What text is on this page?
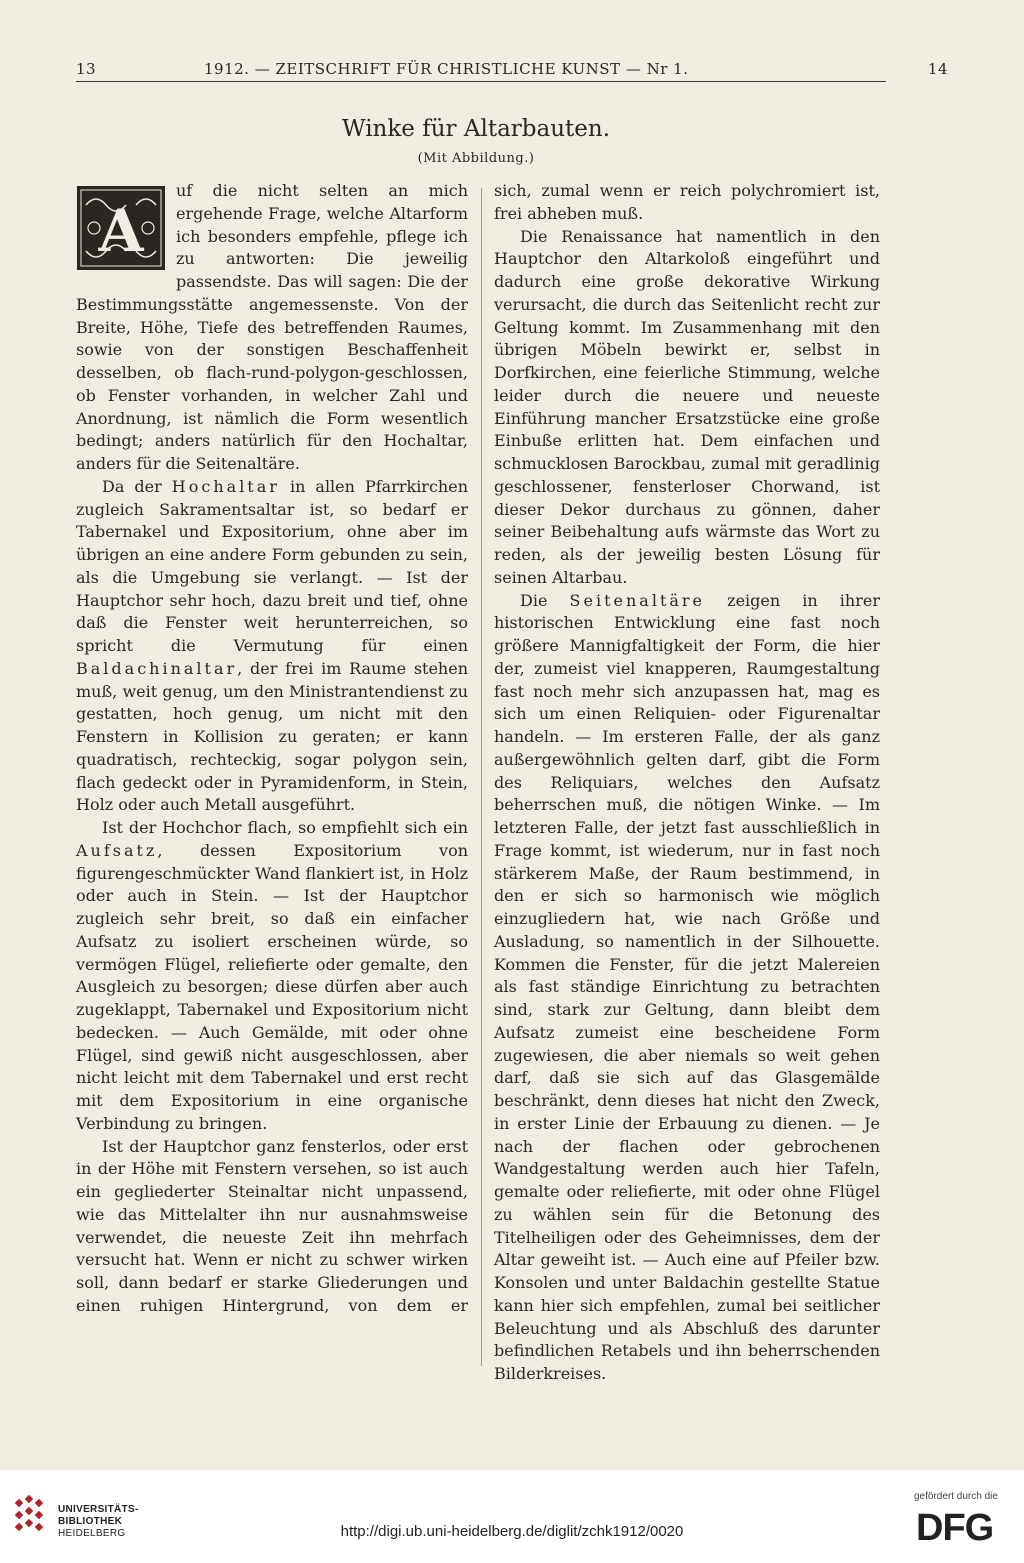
13	1912. — ZEITSCHRIFT FÜR CHRISTLICHE KUNST — Nr 1.	14
Winke für Altarbauten.
(Mit Abbildung.)

A
uf die nicht selten an mich ergehende Frage, welche Altarform ich besonders empfehle, pflege ich zu antworten: Die jeweilig passendste. Das will sagen: Die der Bestimmungsstätte angemessenste. Von der Breite, Höhe, Tiefe des betreffenden Raumes, sowie von der sonstigen Beschaffenheit desselben, ob flach-rund-polygon-geschlossen, ob Fenster vorhanden, in welcher Zahl und Anordnung, ist nämlich die Form wesentlich bedingt; anders natürlich für den Hochaltar, anders für die Seitenaltäre.

Da der Hochaltar in allen Pfarrkirchen zugleich Sakramentsaltar ist, so bedarf er Tabernakel und Expositorium, ohne aber im übrigen an eine andere Form gebunden zu sein, als die Umgebung sie verlangt. — Ist der Hauptchor sehr hoch, dazu breit und tief, ohne daß die Fenster weit herunterreichen, so spricht die Vermutung für einen Baldachinaltar, der frei im Raume stehen muß, weit genug, um den Ministrantendienst zu gestatten, hoch genug, um nicht mit den Fenstern in Kollision zu geraten; er kann quadratisch, rechteckig, sogar polygon sein, flach gedeckt oder in Pyramidenform, in Stein, Holz oder auch Metall ausgeführt.

Ist der Hochchor flach, so empfiehlt sich ein Aufsatz, dessen Expositorium von figurengeschmückter Wand flankiert ist, in Holz oder auch in Stein. — Ist der Hauptchor zugleich sehr breit, so daß ein einfacher Aufsatz zu isoliert erscheinen würde, so vermögen Flügel, reliefierte oder gemalte, den Ausgleich zu besorgen; diese dürfen aber auch zugeklappt, Tabernakel und Expositorium nicht bedecken. — Auch Gemälde, mit oder ohne Flügel, sind gewiß nicht ausgeschlossen, aber nicht leicht mit dem Tabernakel und erst recht mit dem Expositorium in eine organische Verbindung zu bringen.

Ist der Hauptchor ganz fensterlos, oder erst in der Höhe mit Fenstern versehen, so ist auch ein gegliederter Steinaltar nicht unpassend, wie das Mittelalter ihn nur ausnahmsweise verwendet, die neueste Zeit ihn mehrfach versucht hat. Wenn er nicht zu schwer wirken soll, dann bedarf er starke Gliederungen und einen ruhigen Hintergrund, von dem er

sich, zumal wenn er reich polychromiert ist, frei abheben muß.

Die Renaissance hat namentlich in den Hauptchor den Altarkoloß eingeführt und dadurch eine große dekorative Wirkung verursacht, die durch das Seitenlicht recht zur Geltung kommt. Im Zusammenhang mit den übrigen Möbeln bewirkt er, selbst in Dorfkirchen, eine feierliche Stimmung, welche leider durch die neuere und neueste Einführung mancher Ersatzstücke eine große Einbuße erlitten hat. Dem einfachen und schmucklosen Barockbau, zumal mit geradlinig geschlossener, fensterloser Chorwand, ist dieser Dekor durchaus zu gönnen, daher seiner Beibehaltung aufs wärmste das Wort zu reden, als der jeweilig besten Lösung für seinen Altarbau.

Die Seitenaltäre zeigen in ihrer historischen Entwicklung eine fast noch größere Mannigfaltigkeit der Form, die hier der, zumeist viel knapperen, Raumgestaltung fast noch mehr sich anzupassen hat, mag es sich um einen Reliquien- oder Figurenaltar handeln. — Im ersteren Falle, der als ganz außergewöhnlich gelten darf, gibt die Form des Reliquiars, welches den Aufsatz beherrschen muß, die nötigen Winke. — Im letzteren Falle, der jetzt fast ausschließlich in Frage kommt, ist wiederum, nur in fast noch stärkerem Maße, der Raum bestimmend, in den er sich so harmonisch wie möglich einzugliedern hat, wie nach Größe und Ausladung, so namentlich in der Silhouette. Kommen die Fenster, für die jetzt Malereien als fast ständige Einrichtung zu betrachten sind, stark zur Geltung, dann bleibt dem Aufsatz zumeist eine bescheidene Form zugewiesen, die aber niemals so weit gehen darf, daß sie sich auf das Glasgemälde beschränkt, denn dieses hat nicht den Zweck, in erster Linie der Erbauung zu dienen. — Je nach der flachen oder gebrochenen Wandgestaltung werden auch hier Tafeln, gemalte oder reliefierte, mit oder ohne Flügel zu wählen sein für die Betonung des Titelheiligen oder des Geheimnisses, dem der Altar geweiht ist. — Auch eine auf Pfeiler bzw. Konsolen und unter Baldachin gestellte Statue kann hier sich empfehlen, zumal bei seitlicher Beleuchtung und als Abschluß des darunter befindlichen Retabels und ihn beherrschenden Bilderkreises.

UNIVERSITÄTS-
BIBLIOTHEK
HEIDELBERG	http://digi.ub.uni-heidelberg.de/diglit/zchk1912/0020
gefördert durch die
DFG
